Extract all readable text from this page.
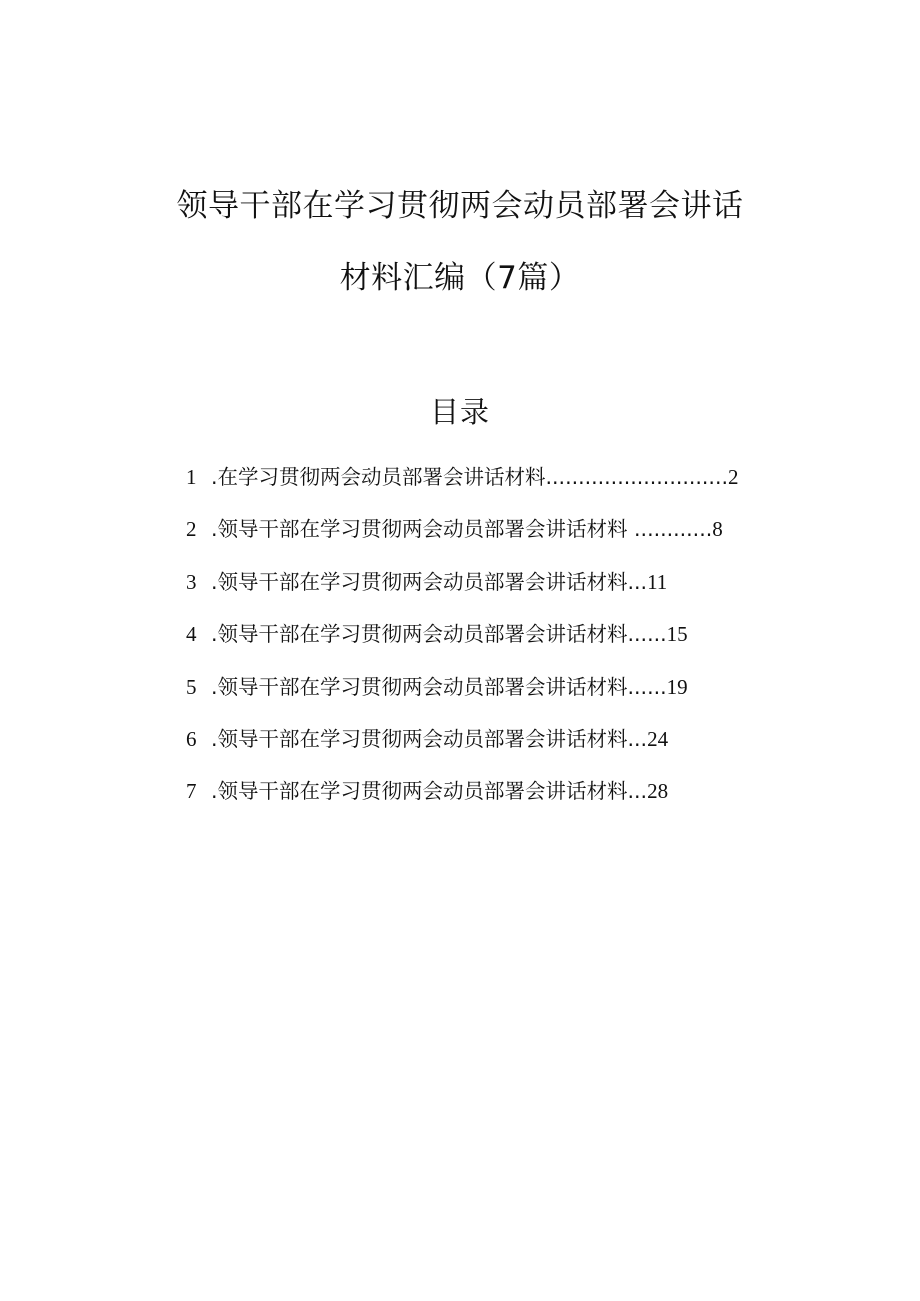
领导干部在学习贯彻两会动员部署会讲话
材料汇编（7篇）
目录
1 .在学习贯彻两会动员部署会讲话材料............................2
2 .领导干部在学习贯彻两会动员部署会讲话材料 ............8
3 .领导干部在学习贯彻两会动员部署会讲话材料...11
4 .领导干部在学习贯彻两会动员部署会讲话材料......15
5 .领导干部在学习贯彻两会动员部署会讲话材料......19
6 .领导干部在学习贯彻两会动员部署会讲话材料...24
7 .领导干部在学习贯彻两会动员部署会讲话材料...28
